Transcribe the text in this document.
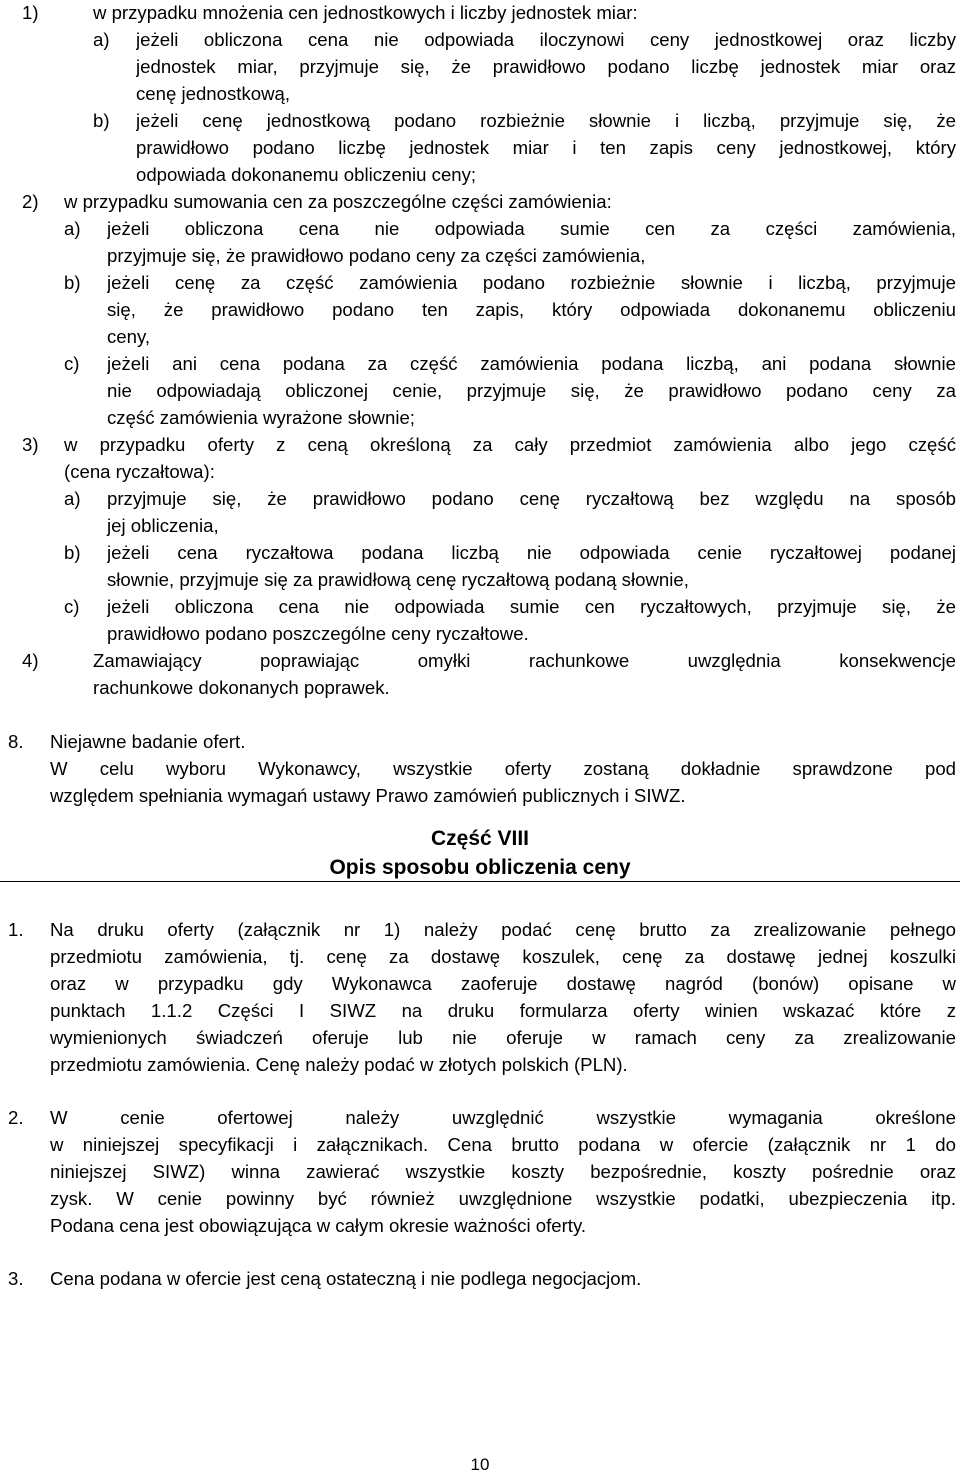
1)	w przypadku mnożenia cen jednostkowych i liczby jednostek miar:
a) jeżeli obliczona cena nie odpowiada iloczynowi ceny jednostkowej oraz liczby
jednostek miar, przyjmuje się, że prawidłowo podano liczbę jednostek miar oraz
cenę jednostkową,
b) jeżeli cenę jednostkową podano rozbieżnie słownie i liczbą, przyjmuje się, że
prawidłowo podano liczbę jednostek miar i ten zapis ceny jednostkowej, który
odpowiada dokonanemu obliczeniu ceny;
2) w przypadku sumowania cen za poszczególne części zamówienia:
a) jeżeli obliczona cena nie odpowiada sumie cen za części zamówienia,
przyjmuje się, że prawidłowo podano ceny za części zamówienia,
b) jeżeli cenę za część zamówienia podano rozbieżnie słownie i liczbą, przyjmuje
się, że prawidłowo podano ten zapis, który odpowiada dokonanemu obliczeniu
ceny,
c) jeżeli ani cena podana za część zamówienia podana liczbą, ani podana słownie
nie odpowiadają obliczonej cenie, przyjmuje się, że prawidłowo podano ceny za
część zamówienia wyrażone słownie;
3) w przypadku oferty z ceną określoną za cały przedmiot zamówienia albo jego część
(cena ryczałtowa):
a) przyjmuje się, że prawidłowo podano cenę ryczałtową bez względu na sposób
jej obliczenia,
b) jeżeli cena ryczałtowa podana liczbą nie odpowiada cenie ryczałtowej podanej
słownie, przyjmuje się za prawidłową cenę ryczałtową podaną słownie,
c) jeżeli obliczona cena nie odpowiada sumie cen ryczałtowych, przyjmuje się, że
prawidłowo podano poszczególne ceny ryczałtowe.
4)	Zamawiający poprawiając omyłki rachunkowe uwzględnia konsekwencje
rachunkowe dokonanych poprawek.
8. Niejawne badanie ofert.
W celu wyboru Wykonawcy, wszystkie oferty zostaną dokładnie sprawdzone pod
względem spełniania wymagań ustawy Prawo zamówień publicznych i SIWZ.
Część VIII
Opis sposobu obliczenia ceny
1. Na druku oferty (załącznik nr 1) należy podać cenę brutto za zrealizowanie pełnego
przedmiotu zamówienia, tj. cenę za dostawę koszulek, cenę za dostawę jednej koszulki
oraz w przypadku gdy Wykonawca zaoferuje dostawę nagród (bonów) opisane w
punktach 1.1.2 Części I SIWZ na druku formularza oferty winien wskazać które z
wymienionych świadczeń oferuje lub nie oferuje w ramach ceny za zrealizowanie
przedmiotu zamówienia. Cenę należy podać w złotych polskich (PLN).
2. W cenie ofertowej należy uwzględnić wszystkie wymagania określone
w niniejszej specyfikacji i załącznikach. Cena brutto podana w ofercie (załącznik nr 1 do
niniejszej SIWZ) winna zawierać wszystkie koszty bezpośrednie, koszty pośrednie oraz
zysk. W cenie powinny być również uwzględnione wszystkie podatki, ubezpieczenia itp.
Podana cena jest obowiązująca w całym okresie ważności oferty.
3. Cena podana w ofercie jest ceną ostateczną i nie podlega negocjacjom.
10
